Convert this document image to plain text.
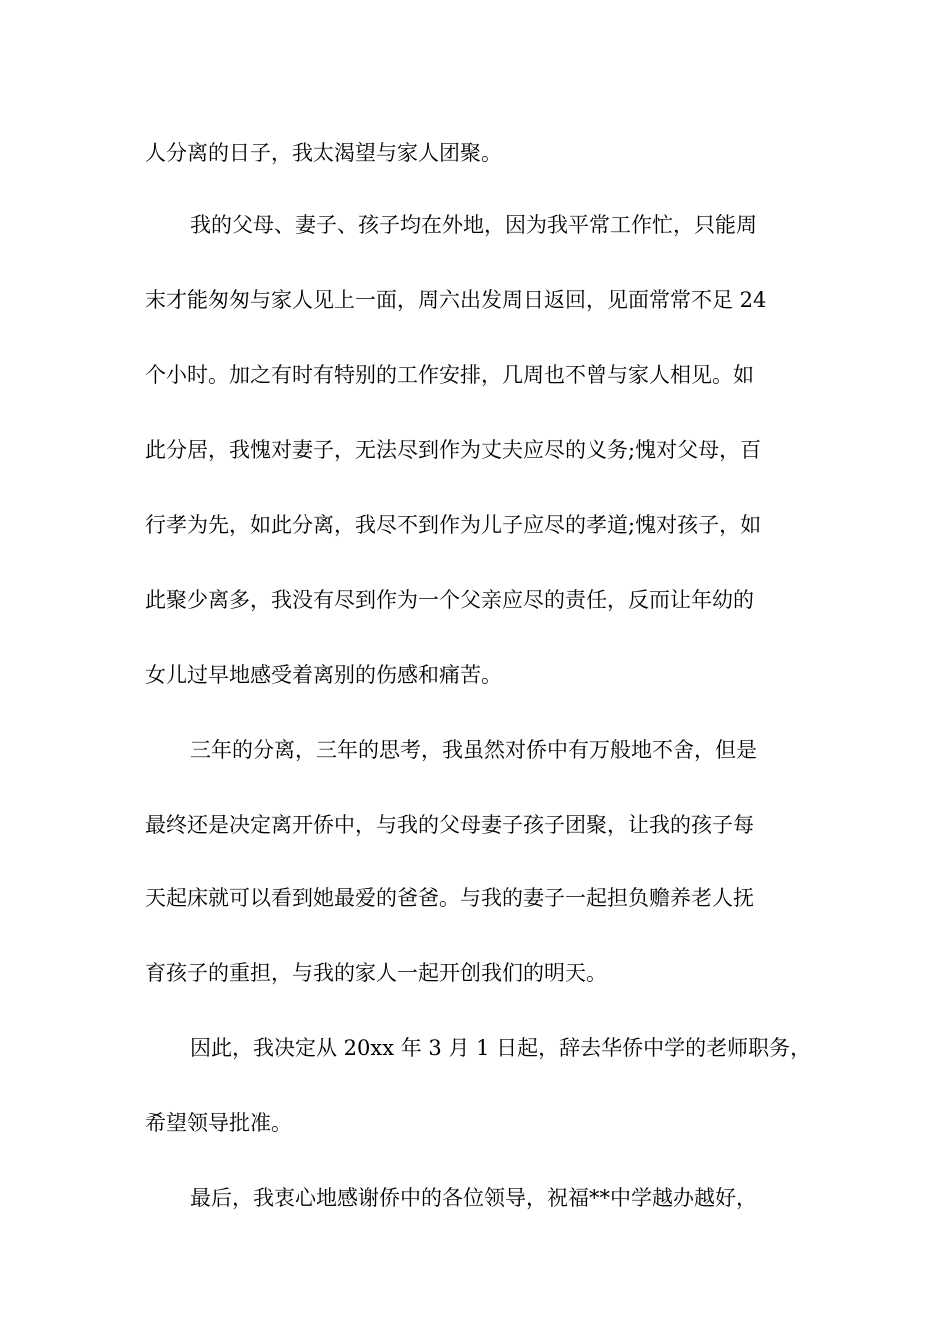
人分离的日子，我太渴望与家人团聚。
我的父母、妻子、孩子均在外地，因为我平常工作忙，只能周
末才能匆匆与家人见上一面，周六出发周日返回，见面常常不足 24
个小时。加之有时有特别的工作安排，几周也不曾与家人相见。如
此分居，我愧对妻子，无法尽到作为丈夫应尽的义务;愧对父母，百
行孝为先，如此分离，我尽不到作为儿子应尽的孝道;愧对孩子，如
此聚少离多，我没有尽到作为一个父亲应尽的责任，反而让年幼的
女儿过早地感受着离别的伤感和痛苦。
三年的分离，三年的思考，我虽然对侨中有万般地不舍，但是
最终还是决定离开侨中，与我的父母妻子孩子团聚，让我的孩子每
天起床就可以看到她最爱的爸爸。与我的妻子一起担负赡养老人抚
育孩子的重担，与我的家人一起开创我们的明天。
因此，我决定从 20xx 年 3 月 1 日起，辞去华侨中学的老师职务，
希望领导批准。
最后，我衷心地感谢侨中的各位领导，祝福**中学越办越好，
